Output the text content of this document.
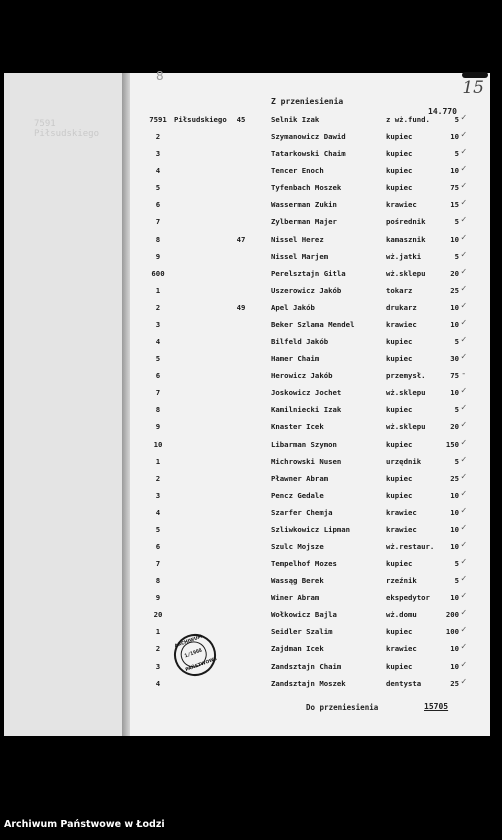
7591 Piłsudskiego
8
15
Z przeniesienia
14.770
7591 Piłsudskiego	45	Selnik Izak	z wż.fund.	5 ✓
2	Szymanowicz Dawid	kupiec	10 ✓
3	Tatarkowski Chaim	kupiec	5 ✓
4	Tencer Enoch	kupiec	10 ✓
5	Tyfenbach Moszek	kupiec	75 ✓
6	Wasserman Zukin	krawiec	15 ✓
7	Zylberman Majer	pośrednik	5 ✓
8	47	Nissel Herez	kamasznik	10 ✓
9	Nissel Marjem	wż.jatki	5 ✓
600	Perelsztajn Gitla	wż.sklepu	20 ✓
1	Uszerowicz Jakób	tokarz	25 ✓
2	49	Apel Jakób	drukarz	10 ✓
3	Beker Szlama Mendel	krawiec	10 ✓
4	Bilfeld Jakób	kupiec	5 ✓
5	Hamer Chaim	kupiec	30 ✓
6	Herowicz Jakób	przemysł.	75 -
7	Joskowicz Jochet	wż.sklepu	10 ✓
8	Kamilniecki Izak	kupiec	5 ✓
9	Knaster Icek	wż.sklepu	20 ✓
10	Libarman Szymon	kupiec	150 ✓
1	Michrowski Nusen	urzędnik	5 ✓
2	Pławner Abram	kupiec	25 ✓
3	Pencz Gedale	kupiec	10 ✓
4	Szarfer Chemja	krawiec	10 ✓
5	Szliwkowicz Lipman	krawiec	10 ✓
6	Szulc Mojsze	wż.restaur.	10 ✓
7	Tempelhof Mozes	kupiec	5 ✓
8	Wassąg Berek	rzeźnik	5 ✓
9	Winer Abram	ekspedytor	10 ✓
20	Wołkowicz Bajla	wż.domu	200 ✓
1	Seidler Szalim	kupiec	100 ✓
2	Zajdman Icek	krawiec	10 ✓
3	Zandsztajn Chaim	kupiec	10 ✓
4	Zandsztajn Moszek	dentysta	25 ✓
ARCHIWUM
1/1908
PAŃSTWOWE
Do przeniesienia	15705
Archiwum Państwowe w Łodzi
